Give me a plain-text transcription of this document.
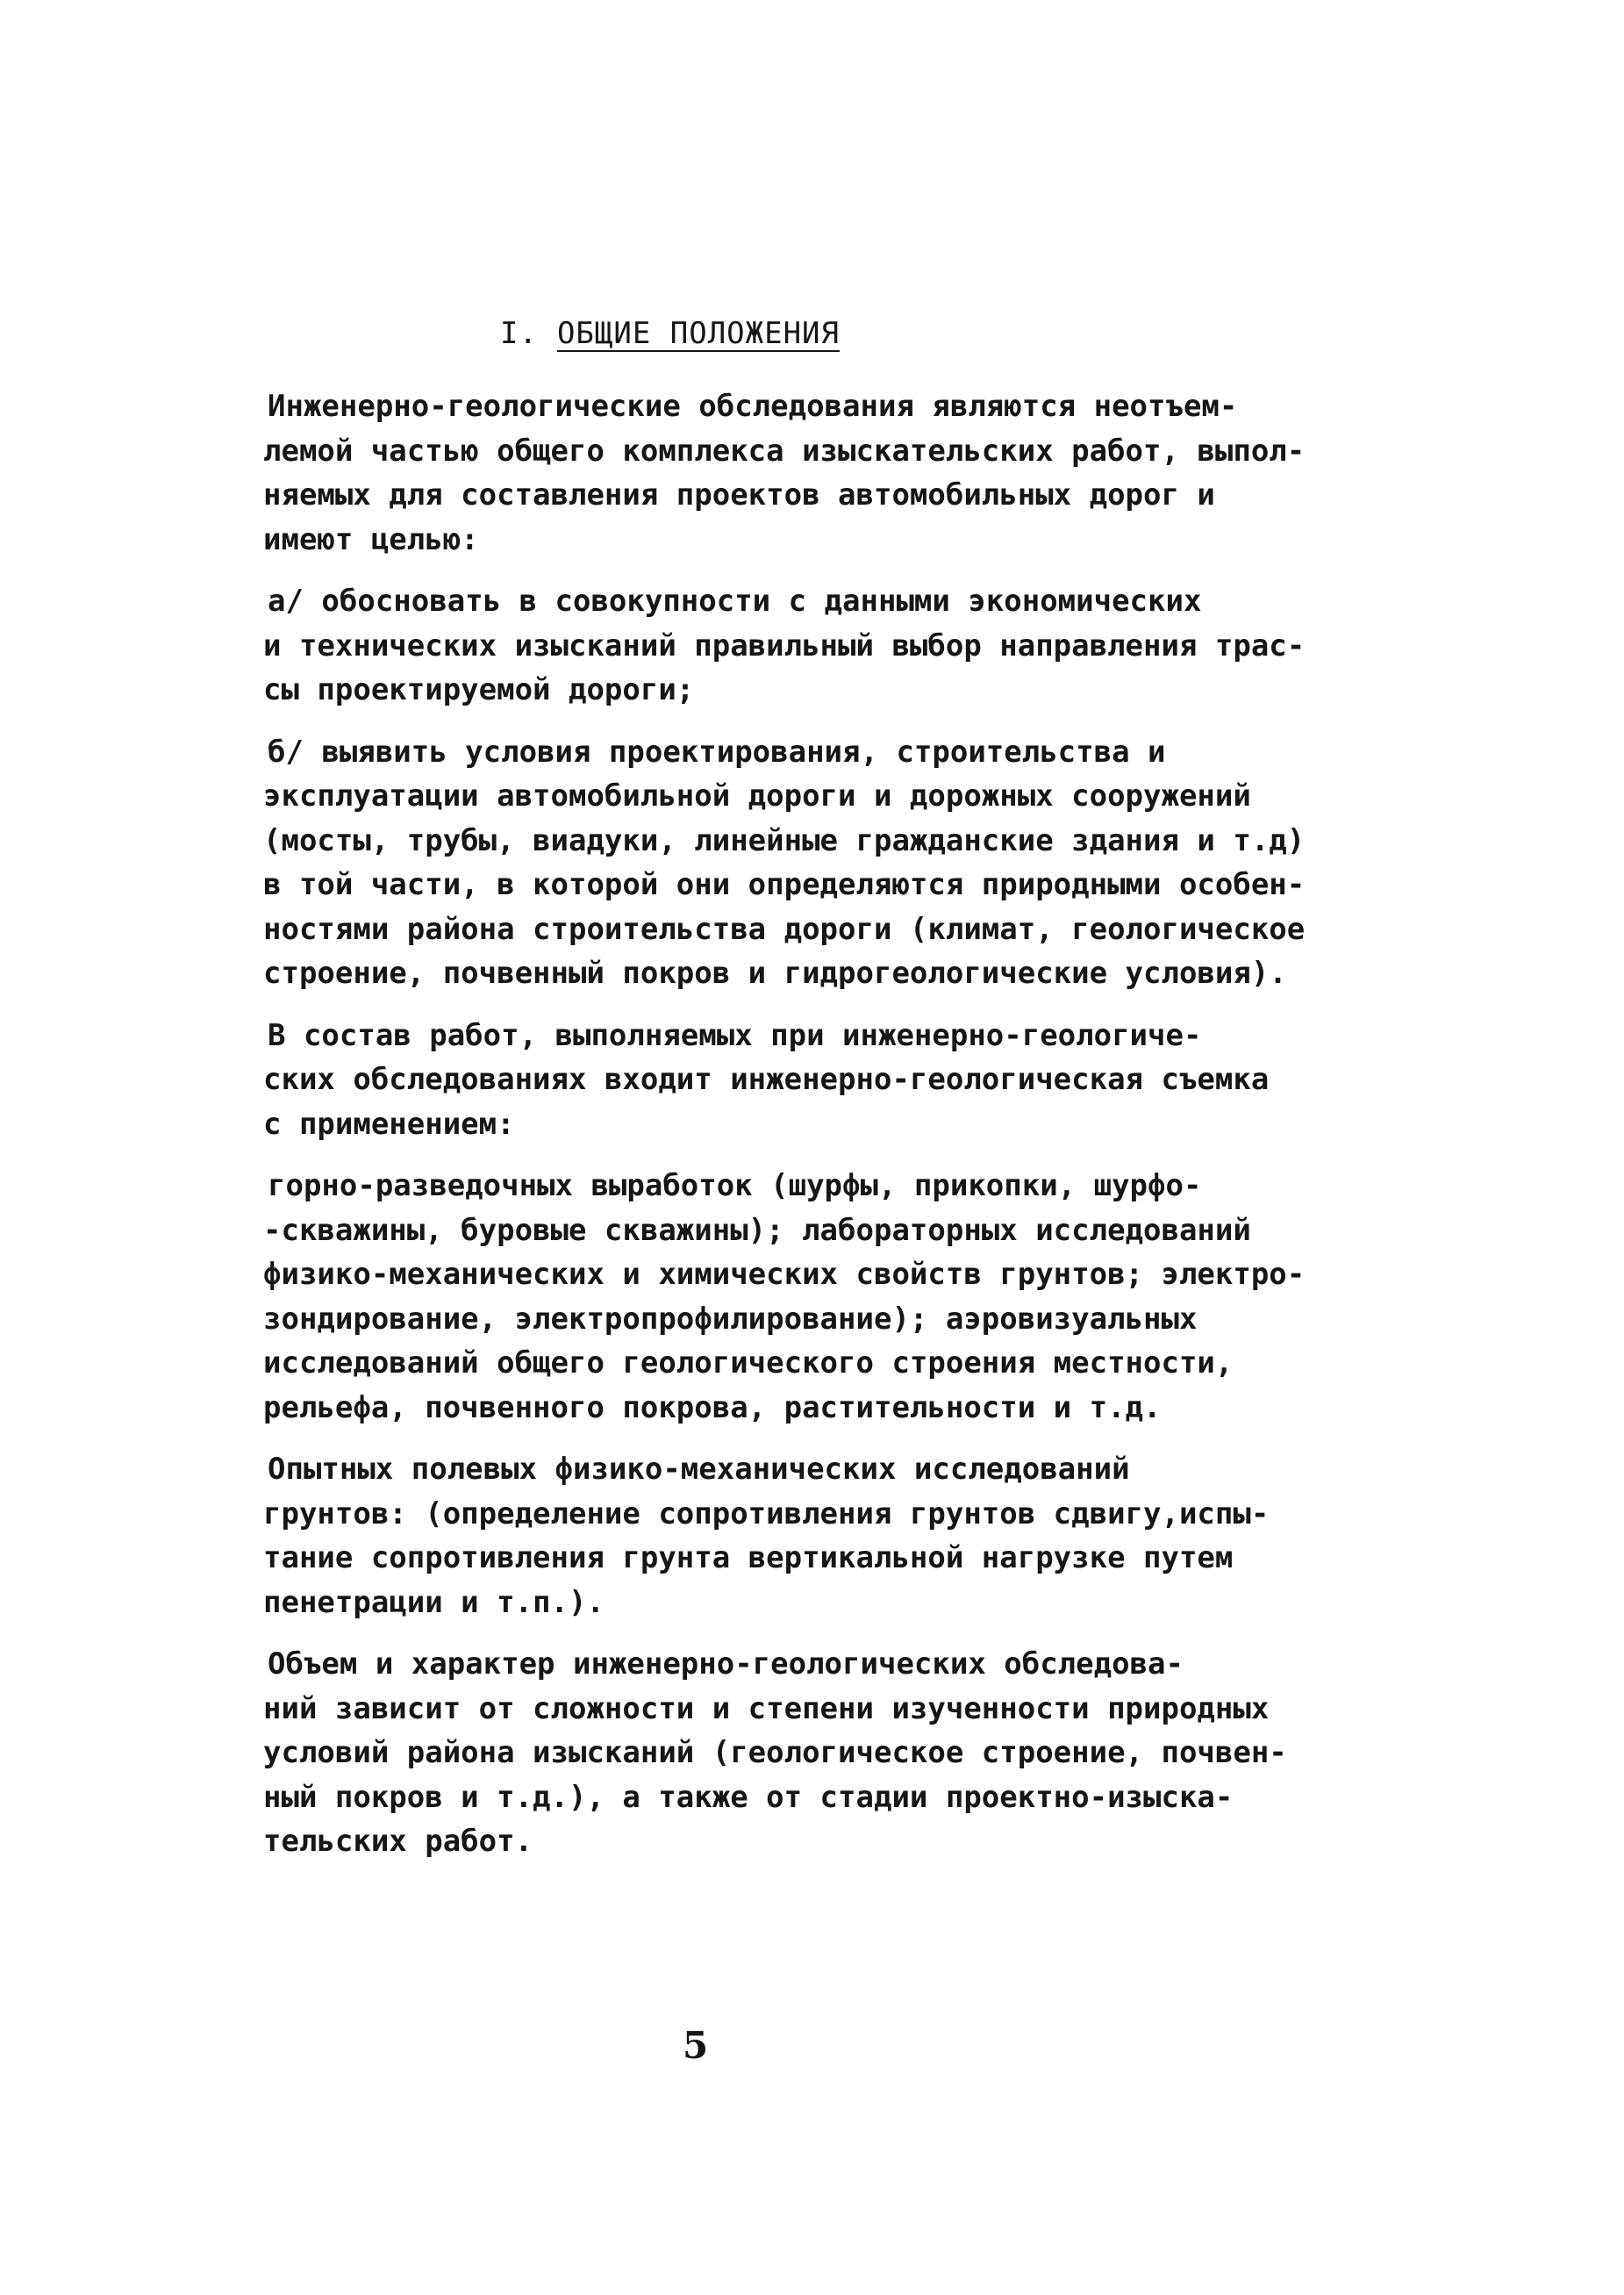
I. ОБЩИЕ ПОЛОЖЕНИЯ
Инженерно-геологические обследования являются неотъем-
лемой частью общего комплекса изыскательских работ, выпол-
няемых для составления проектов автомобильных дорог и
имеют целью:
а/ обосновать в совокупности с данными экономических
и технических изысканий правильный выбор направления трас-
сы проектируемой дороги;
б/ выявить условия проектирования, строительства и
эксплуатации автомобильной дороги и дорожных сооружений
(мосты, трубы, виадуки, линейные гражданские здания и т.д)
в той части, в которой они определяются природными особен-
ностями района строительства дороги (климат, геологическое
строение, почвенный покров и гидрогеологические условия).
В состав работ, выполняемых при инженерно-геологиче-
ских обследованиях входит инженерно-геологическая съемка
с применением:
горно-разведочных выработок (шурфы, прикопки, шурфо-
-скважины, буровые скважины); лабораторных исследований
физико-механических и химических свойств грунтов; электро-
зондирование, электропрофилирование); аэровизуальных
исследований общего геологического строения местности,
рельефа, почвенного покрова, растительности и т.д.
Опытных полевых физико-механических исследований
грунтов: (определение сопротивления грунтов сдвигу,испы-
тание сопротивления грунта вертикальной нагрузке путем
пенетрации и т.п.).
Объем и характер инженерно-геологических обследова-
ний зависит от сложности и степени изученности природных
условий района изысканий (геологическое строение, почвен-
ный покров и т.д.), а также от стадии проектно-изыска-
тельских работ.
5
